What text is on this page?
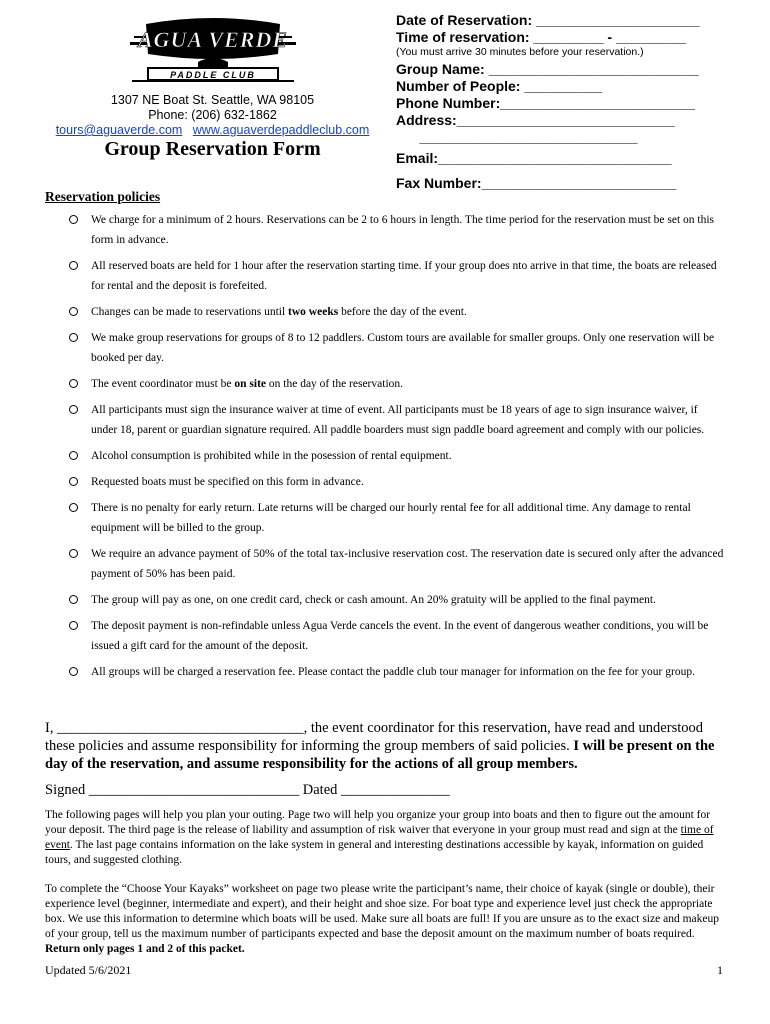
AGUA VERDE
PADDLE CLUB
1307 NE Boat St. Seattle, WA 98105
Phone: (206) 632-1862
tours@aguaverde.com www.aguaverdepaddleclub.com
Group Reservation Form
Date of Reservation: _____________________
Time of reservation: _________ - _________
(You must arrive 30 minutes before your reservation.)
Group Name: ___________________________
Number of People: __________
Phone Number:_________________________
Address:____________________________
____________________________
Email:______________________________
Fax Number:_________________________
Reservation policies
We charge for a minimum of 2 hours. Reservations can be 2 to 6 hours in length. The time period for the reservation must be set on this form in advance.
All reserved boats are held for 1 hour after the reservation starting time. If your group does nto arrive in that time, the boats are released for rental and the deposit is forefeited.
Changes can be made to reservations until two weeks before the day of the event.
We make group reservations for groups of 8 to 12 paddlers. Custom tours are available for smaller groups. Only one reservation will be booked per day.
The event coordinator must be on site on the day of the reservation.
All participants must sign the insurance waiver at time of event. All participants must be 18 years of age to sign insurance waiver, if under 18, parent or guardian signature required. All paddle boarders must sign paddle board agreement and comply with our policies.
Alcohol consumption is prohibited while in the posession of rental equipment.
Requested boats must be specified on this form in advance.
There is no penalty for early return. Late returns will be charged our hourly rental fee for all additional time. Any damage to rental equipment will be billed to the group.
We require an advance payment of 50% of the total tax-inclusive reservation cost. The reservation date is secured only after the advanced payment of 50% has been paid.
The group will pay as one, on one credit card, check or cash amount. An 20% gratuity will be applied to the final payment.
The deposit payment is non-refindable unless Agua Verde cancels the event. In the event of dangerous weather conditions, you will be issued a gift card for the amount of the deposit.
All groups will be charged a reservation fee. Please contact the paddle club tour manager for information on the fee for your group.
I, __________________________________, the event coordinator for this reservation, have read and understood these policies and assume responsibility for informing the group members of said policies. I will be present on the day of the reservation, and assume responsibility for the actions of all group members.
Signed _____________________________ Dated _______________
The following pages will help you plan your outing. Page two will help you organize your group into boats and then to figure out the amount for your deposit. The third page is the release of liability and assumption of risk waiver that everyone in your group must read and sign at the time of event. The last page contains information on the lake system in general and interesting destinations accessible by kayak, information on guided tours, and suggested clothing.
To complete the “Choose Your Kayaks” worksheet on page two please write the participant’s name, their choice of kayak (single or double), their experience level (beginner, intermediate and expert), and their height and shoe size. For boat type and experience level just check the appropriate box. We use this information to determine which boats will be used. Make sure all boats are full! If you are unsure as to the exact size and makeup of your group, tell us the maximum number of participants expected and base the deposit amount on the maximum number of boats required. Return only pages 1 and 2 of this packet.
Updated 5/6/2021	1
